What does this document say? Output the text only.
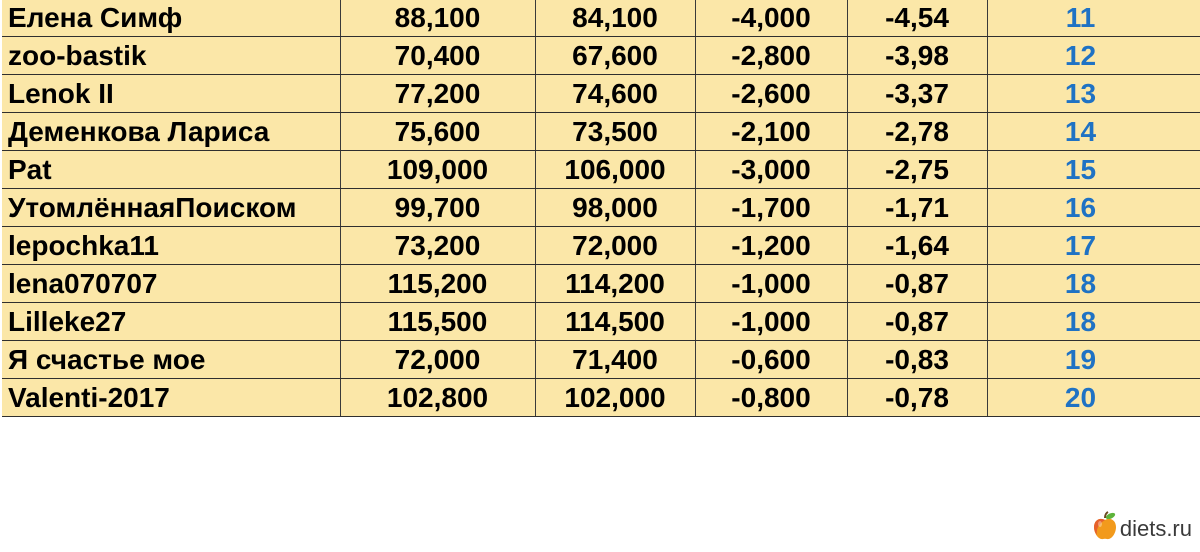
Елена Симф	88,100	84,100	-4,000	-4,54	11
zoo-bastik	70,400	67,600	-2,800	-3,98	12
Lenok II	77,200	74,600	-2,600	-3,37	13
Деменкова Лариса	75,600	73,500	-2,100	-2,78	14
Pat	109,000	106,000	-3,000	-2,75	15
УтомлённаяПоиском	99,700	98,000	-1,700	-1,71	16
lepochka11	73,200	72,000	-1,200	-1,64	17
lena070707	115,200	114,200	-1,000	-0,87	18
Lilleke27	115,500	114,500	-1,000	-0,87	18
Я счастье мое	72,000	71,400	-0,600	-0,83	19
Valenti-2017	102,800	102,000	-0,800	-0,78	20
diets.ru
